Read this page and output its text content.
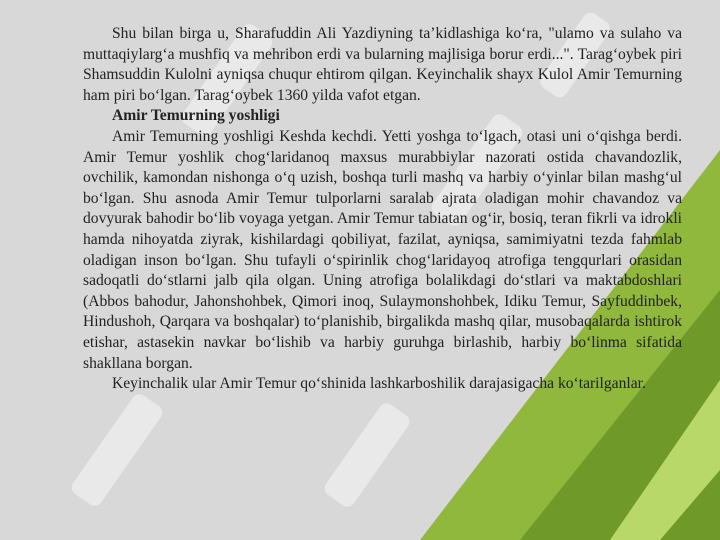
Shu bilan birga u, Sharafuddin Ali Yazdiyning ta’kidlashiga ko‘ra, "ulamo va sulaho va muttaqiylarg‘a mushfiq va mehribon erdi va bularning majlisiga borur erdi...". Tarag‘oybek piri Shamsuddin Kulolni ayniqsa chuqur ehtirom qilgan. Keyinchalik shayx Kulol Amir Temurning ham piri bo‘lgan. Tarag‘oybek 1360 yilda vafot etgan.

Amir Temurning yoshligi

Amir Temurning yoshligi Keshda kechdi. Yetti yoshga to‘lgach, otasi uni o‘qishga berdi. Amir Temur yoshlik chog‘laridanoq maxsus murabbiylar nazorati ostida chavandozlik, ovchilik, kamondan nishonga o‘q uzish, boshqa turli mashq va harbiy o‘yinlar bilan mashg‘ul bo‘lgan. Shu asnoda Amir Temur tulporlarni saralab ajrata oladigan mohir chavandoz va dovyurak bahodir bo‘lib voyaga yetgan. Amir Temur tabiatan og‘ir, bosiq, teran fikrli va idrokli hamda nihoyatda ziyrak, kishilardagi qobiliyat, fazilat, ayniqsa, samimiyatni tezda fahmlab oladigan inson bo‘lgan. Shu tufayli o‘spirinlik chog‘laridayoq atrofiga tengqurlari orasidan sadoqatli do‘stlarni jalb qila olgan. Uning atrofiga bolalikdagi do‘stlari va maktabdoshlari (Abbos bahodur, Jahonshohbek, Qimori inoq, Sulaymonshohbek, Idiku Temur, Sayfuddinbek, Hindushoh, Qarqara va boshqalar) to‘planishib, birgalikda mashq qilar, musobaqalarda ishtirok etishar, astasekin navkar bo‘lishib va harbiy guruhga birlashib, harbiy bo‘linma sifatida shakllana borgan.

Keyinchalik ular Amir Temur qo‘shinida lashkarboshilik darajasigacha ko‘tarilganlar.
